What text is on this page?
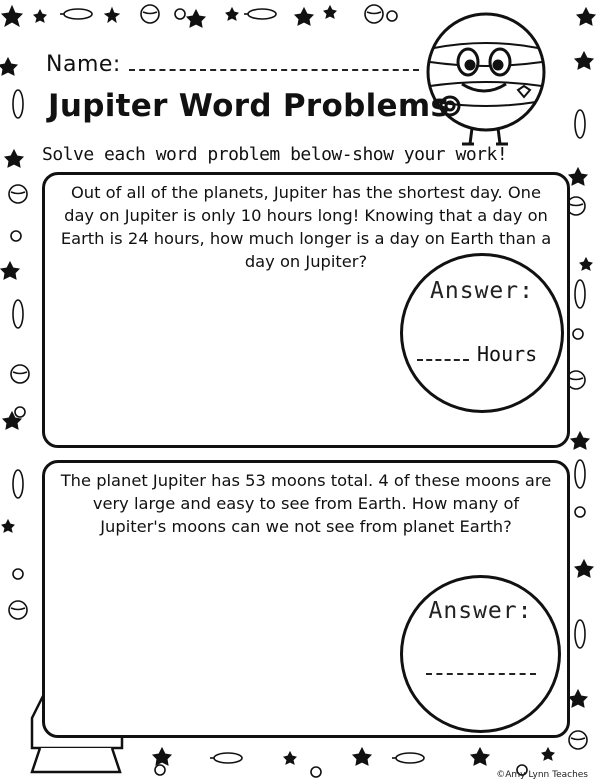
Name:
Jupiter Word Problems
Solve each word problem below-show your work!
Out of all of the planets, Jupiter has the shortest day. One day on Jupiter is only 10 hours long! Knowing that a day on Earth is 24 hours, how much longer is a day on Earth than a day on Jupiter?
Answer:
Hours
The planet Jupiter has 53 moons total. 4 of these moons are very large and easy to see from Earth. How many of Jupiter's moons can we not see from planet Earth?
Answer:
©Amy Lynn Teaches
